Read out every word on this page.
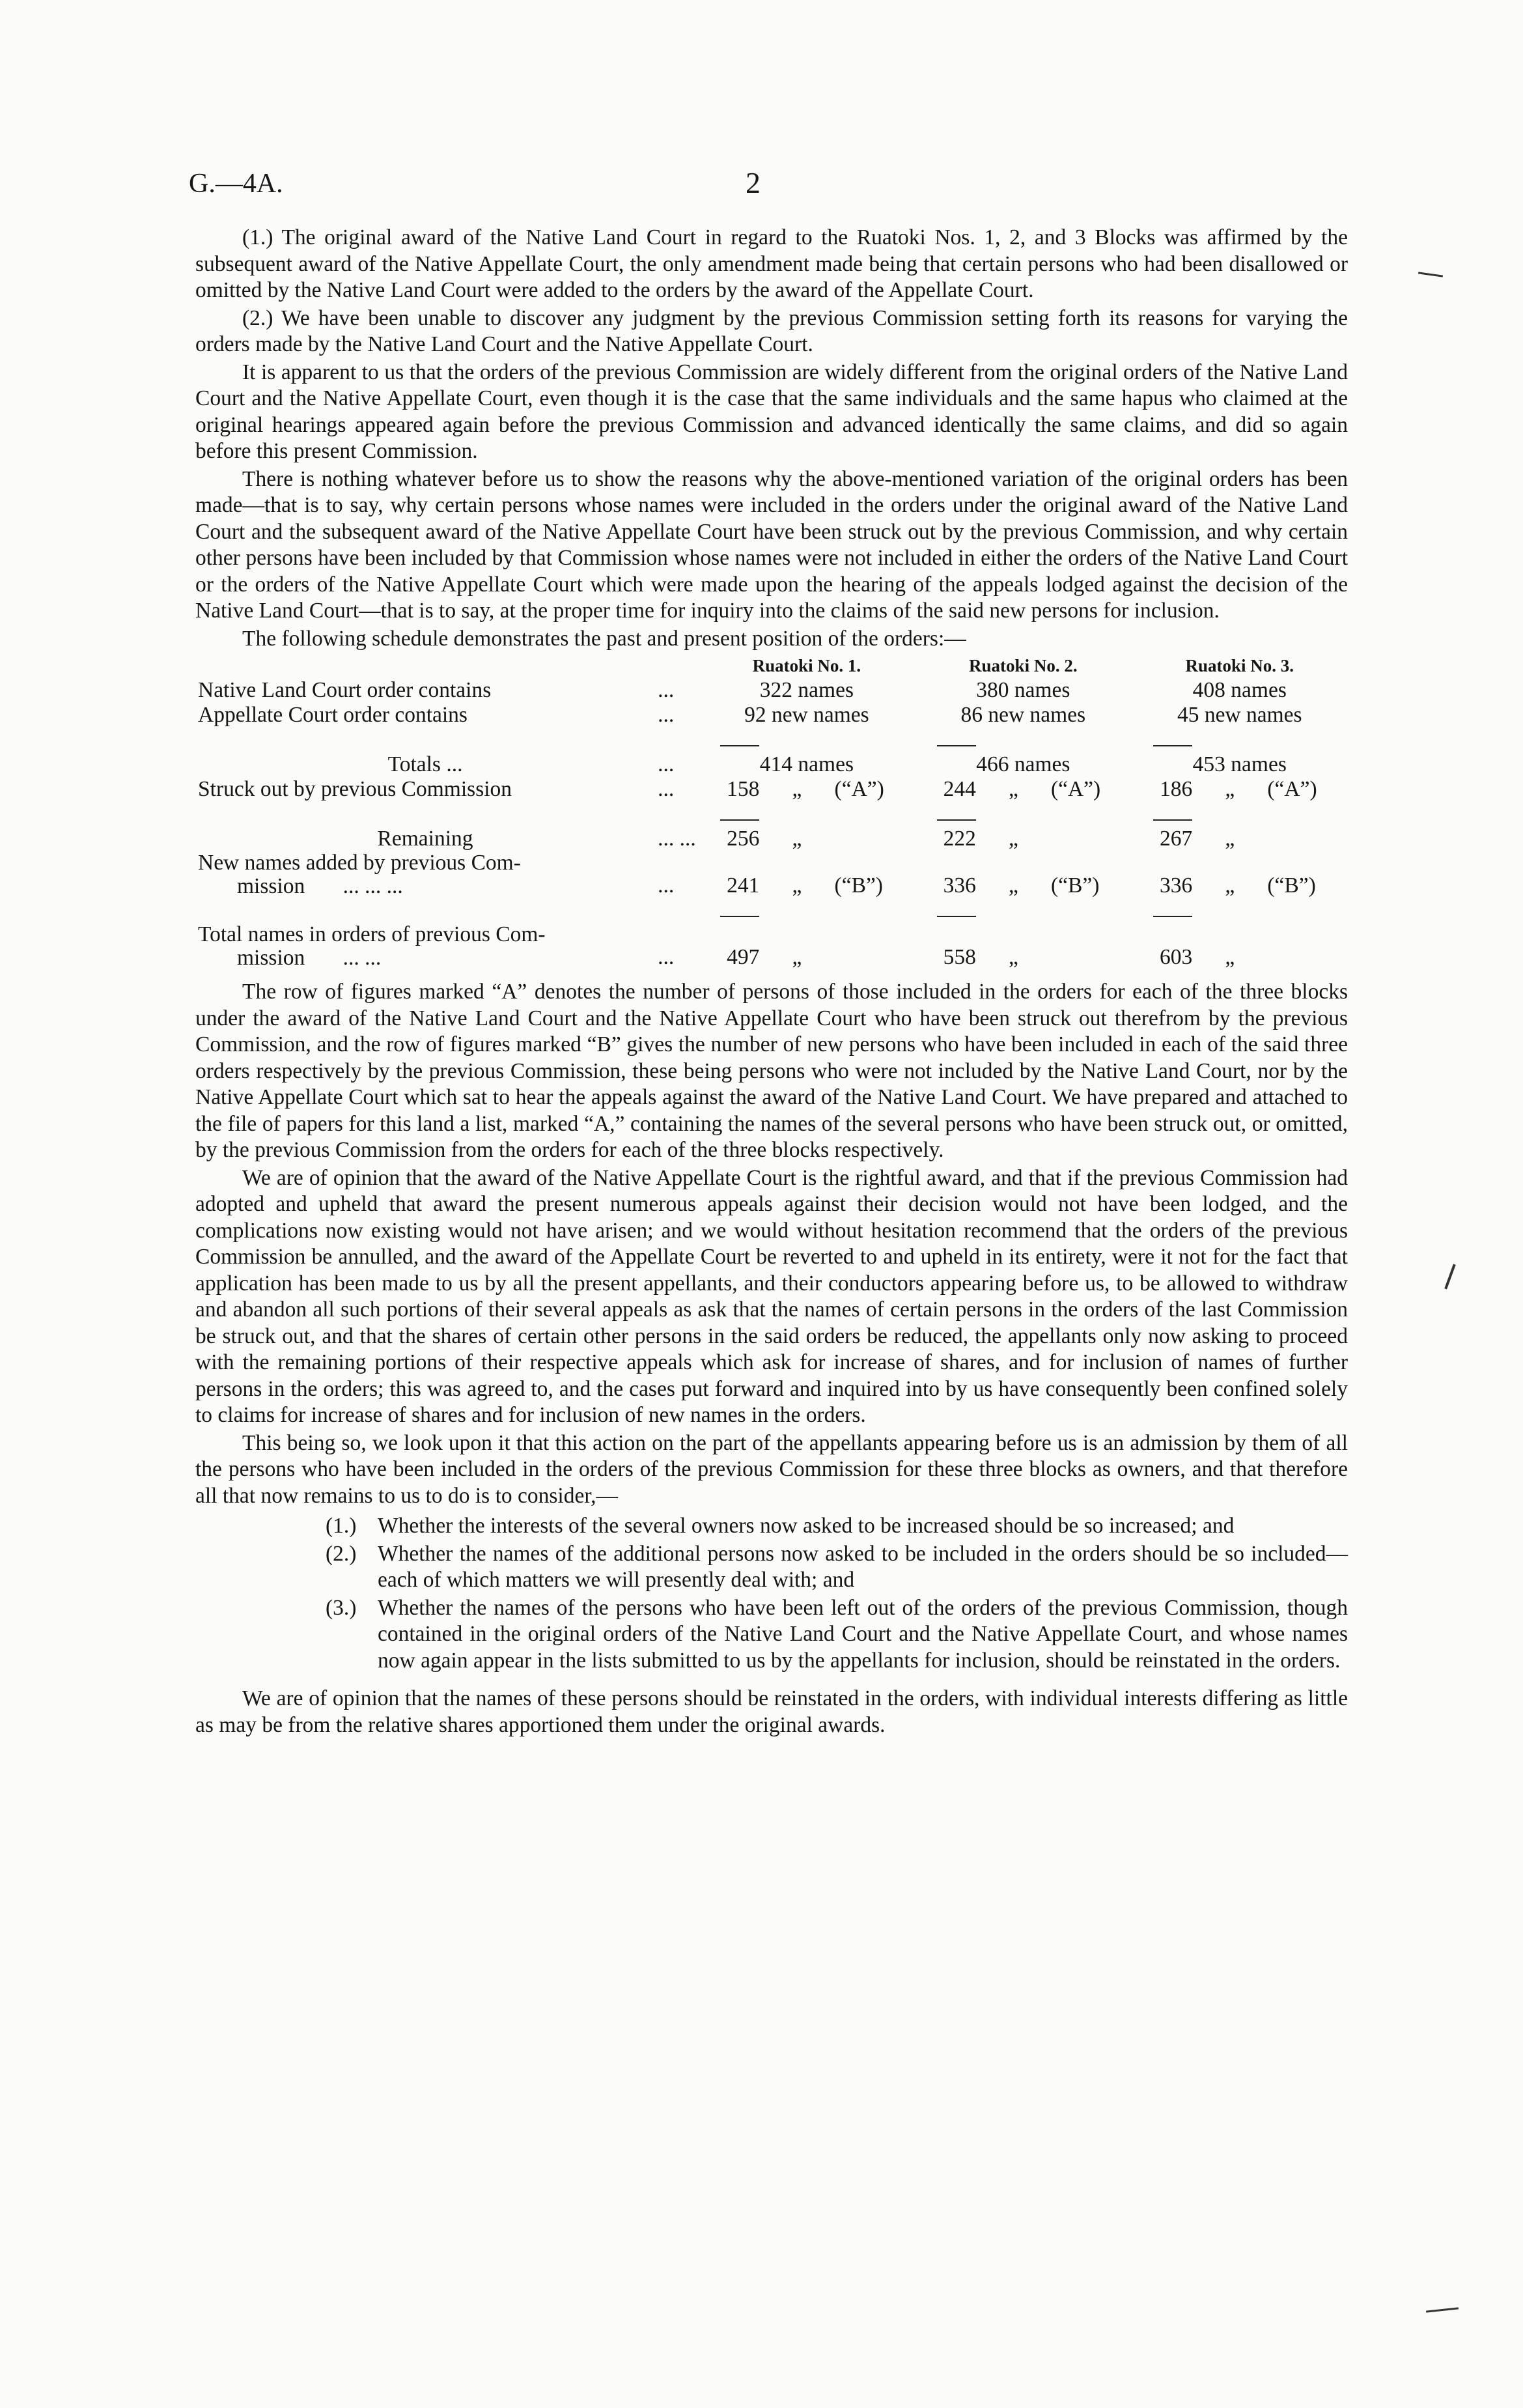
G.—4A.	2

(1.) The original award of the Native Land Court in regard to the Ruatoki Nos. 1, 2, and 3 Blocks was affirmed by the subsequent award of the Native Appellate Court, the only amendment made being that certain persons who had been disallowed or omitted by the Native Land Court were added to the orders by the award of the Appellate Court.

(2.) We have been unable to discover any judgment by the previous Commission setting forth its reasons for varying the orders made by the Native Land Court and the Native Appellate Court.

It is apparent to us that the orders of the previous Commission are widely different from the original orders of the Native Land Court and the Native Appellate Court, even though it is the case that the same individuals and the same hapus who claimed at the original hearings appeared again before the previous Commission and advanced identically the same claims, and did so again before this present Commission.

There is nothing whatever before us to show the reasons why the above-mentioned variation of the original orders has been made—that is to say, why certain persons whose names were included in the orders under the original award of the Native Land Court and the subsequent award of the Native Appellate Court have been struck out by the previous Commission, and why certain other persons have been included by that Commission whose names were not included in either the orders of the Native Land Court or the orders of the Native Appellate Court which were made upon the hearing of the appeals lodged against the decision of the Native Land Court—that is to say, at the proper time for inquiry into the claims of the said new persons for inclusion.

The following schedule demonstrates the past and present position of the orders:—

		Ruatoki No. 1.			Ruatoki No. 2.			Ruatoki No. 3.		
Native Land Court order contains	...	322 names			380 names			408 names		
Appellate Court order contains	...	92 new names			86 new names			45 new names		

Totals ...	...	414 names			466 names			453 names		
Struck out by previous Commission	...	158	„	(“A”)	244	„	(“A”)	186	„	(“A”)

Remaining	... ...	256	„		222	„		267	„	
New names added by previous Com-
mission ... ... ...	...	241	„	(“B”)	336	„	(“B”)	336	„	(“B”)

Total names in orders of previous Com-
mission ... ...	...	497	„		558	„		603	„	

The row of figures marked “A” denotes the number of persons of those included in the orders for each of the three blocks under the award of the Native Land Court and the Native Appellate Court who have been struck out therefrom by the previous Commission, and the row of figures marked “B” gives the number of new persons who have been included in each of the said three orders respectively by the previous Commission, these being persons who were not included by the Native Land Court, nor by the Native Appellate Court which sat to hear the appeals against the award of the Native Land Court. We have prepared and attached to the file of papers for this land a list, marked “A,” containing the names of the several persons who have been struck out, or omitted, by the previous Commission from the orders for each of the three blocks respectively.

We are of opinion that the award of the Native Appellate Court is the rightful award, and that if the previous Commission had adopted and upheld that award the present numerous appeals against their decision would not have been lodged, and the complications now existing would not have arisen; and we would without hesitation recommend that the orders of the previous Commission be annulled, and the award of the Appellate Court be reverted to and upheld in its entirety, were it not for the fact that application has been made to us by all the present appellants, and their conductors appearing before us, to be allowed to withdraw and abandon all such portions of their several appeals as ask that the names of certain persons in the orders of the last Commission be struck out, and that the shares of certain other persons in the said orders be reduced, the appellants only now asking to proceed with the remaining portions of their respective appeals which ask for increase of shares, and for inclusion of names of further persons in the orders; this was agreed to, and the cases put forward and inquired into by us have consequently been confined solely to claims for increase of shares and for inclusion of new names in the orders.

This being so, we look upon it that this action on the part of the appellants appearing before us is an admission by them of all the persons who have been included in the orders of the previous Commission for these three blocks as owners, and that therefore all that now remains to us to do is to consider,—

(1.) Whether the interests of the several owners now asked to be increased should be so increased; and
(2.) Whether the names of the additional persons now asked to be included in the orders should be so included—each of which matters we will presently deal with; and
(3.) Whether the names of the persons who have been left out of the orders of the previous Commission, though contained in the original orders of the Native Land Court and the Native Appellate Court, and whose names now again appear in the lists submitted to us by the appellants for inclusion, should be reinstated in the orders.

We are of opinion that the names of these persons should be reinstated in the orders, with individual interests differing as little as may be from the relative shares apportioned them under the original awards.
